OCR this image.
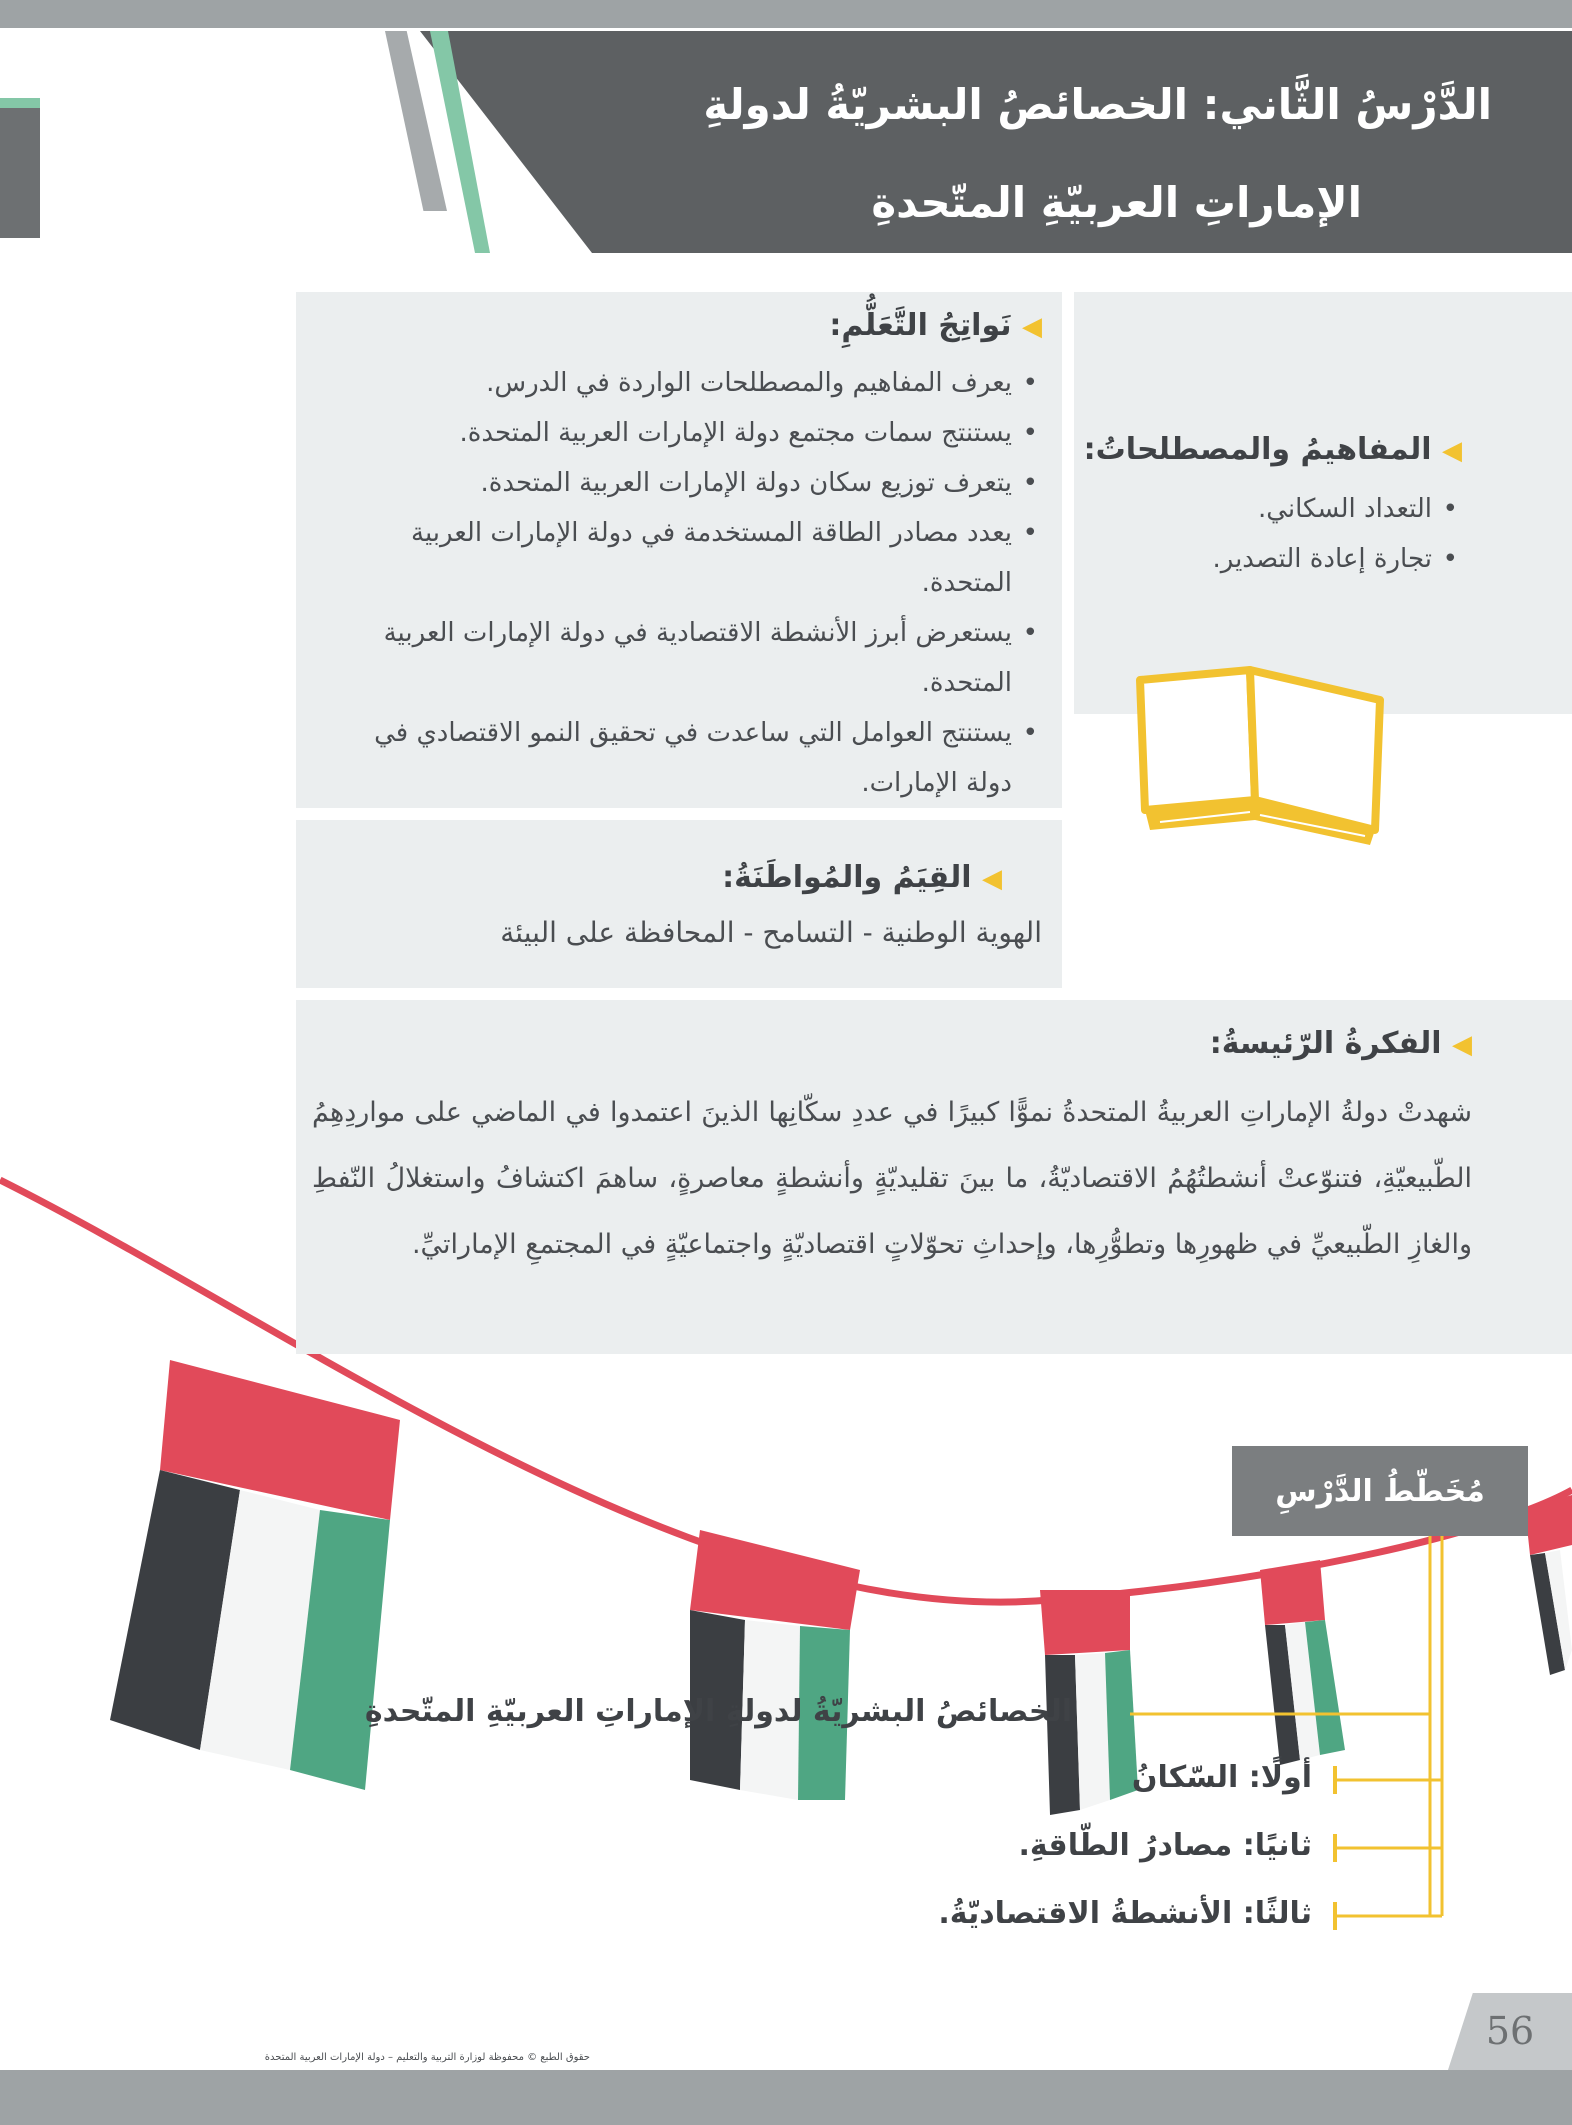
الدَّرْسُ الثَّاني: الخصائصُ البشريّةُ لدولةِ
الإماراتِ العربيّةِ المتّحدةِ
◀ نَواتِجُ التَّعَلُّمِ:
• يعرف المفاهيم والمصطلحات الواردة في الدرس.
• يستنتج سمات مجتمع دولة الإمارات العربية المتحدة.
• يتعرف توزيع سكان دولة الإمارات العربية المتحدة.
• يعدد مصادر الطاقة المستخدمة في دولة الإمارات العربية المتحدة.
• يستعرض أبرز الأنشطة الاقتصادية في دولة الإمارات العربية المتحدة.
• يستنتج العوامل التي ساعدت في تحقيق النمو الاقتصادي في دولة الإمارات.
◀ المفاهيمُ والمصطلحاتُ:
• التعداد السكاني.
• تجارة إعادة التصدير.
◀ القِيَمُ والمُواطَنَةُ:
الهوية الوطنية - التسامح - المحافظة على البيئة
◀ الفكرةُ الرّئيسةُ:
شهدتْ دولةُ الإماراتِ العربيةُ المتحدةُ نموًّا كبيرًا في عددِ سكّانِها الذينَ اعتمدوا في الماضي على مواردِهِمُ الطّبيعيّةِ، فتنوّعتْ أنشطتُهُمُ الاقتصاديّةُ، ما بينَ تقليديّةٍ وأنشطةٍ معاصرةٍ، ساهمَ اكتشافُ واستغلالُ النّفطِ والغازِ الطّبيعيِّ في ظهورِها وتطوُّرِها، وإحداثِ تحوّلاتٍ اقتصاديّةٍ واجتماعيّةٍ في المجتمعِ الإماراتيِّ.
مُخَطّطُ الدَّرْسِ
الخصائصُ البشريّةُ لدولةِ الإماراتِ العربيّةِ المتّحدةِ
أولًا: السّكانُ
ثانيًا: مصادرُ الطّاقةِ.
ثالثًا: الأنشطةُ الاقتصاديّةُ.
56
حقوق الطبع © محفوظة لوزارة التربية والتعليم – دولة الإمارات العربية المتحدة
